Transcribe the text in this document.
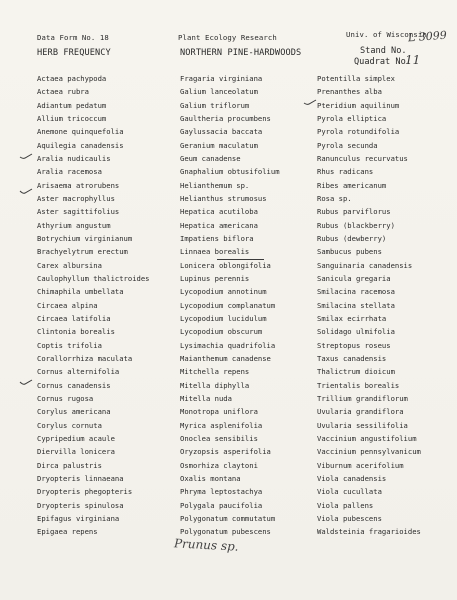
Data Form No. 18	Plant Ecology Research	Univ. of Wisconsin
HERB FREQUENCY	NORTHERN PINE-HARDWOODS	Stand No.
L 3099
Quadrat No.
11
Actaea pachypoda
Actaea rubra
Adiantum pedatum
Allium tricoccum
Anemone quinquefolia
Aquilegia canadensis
Aralia nudicaulis
Aralia racemosa
Arisaema atrorubens
Aster macrophyllus
Aster sagittifolius
Athyrium angustum
Botrychium virginianum
Brachyelytrum erectum
Carex albursina
Caulophyllum thalictroides
Chimaphila umbellata
Circaea alpina
Circaea latifolia
Clintonia borealis
Coptis trifolia
Corallorrhiza maculata
Cornus alternifolia
Cornus canadensis
Cornus rugosa
Corylus americana
Corylus cornuta
Cypripedium acaule
Diervilla lonicera
Dirca palustris
Dryopteris linnaeana
Dryopteris phegopteris
Dryopteris spinulosa
Epifagus virginiana
Epigaea repens
Fragaria virginiana
Galium lanceolatum
Galium triflorum
Gaultheria procumbens
Gaylussacia baccata
Geranium maculatum
Geum canadense
Gnaphalium obtusifolium
Helianthemum sp.
Helianthus strumosus
Hepatica acutiloba
Hepatica americana
Impatiens biflora
Linnaea borealis
Lonicera oblongifolia
Lupinus perennis
Lycopodium annotinum
Lycopodium complanatum
Lycopodium lucidulum
Lycopodium obscurum
Lysimachia quadrifolia
Maianthemum canadense
Mitchella repens
Mitella diphylla
Mitella nuda
Monotropa uniflora
Myrica asplenifolia
Onoclea sensibilis
Oryzopsis asperifolia
Osmorhiza claytoni
Oxalis montana
Phryma leptostachya
Polygala paucifolia
Polygonatum commutatum
Polygonatum pubescens
Potentilla simplex
Prenanthes alba
Pteridium aquilinum
Pyrola elliptica
Pyrola rotundifolia
Pyrola secunda
Ranunculus recurvatus
Rhus radicans
Ribes americanum
Rosa sp.
Rubus parviflorus
Rubus (blackberry)
Rubus (dewberry)
Sambucus pubens
Sanguinaria canadensis
Sanicula gregaria
Smilacina racemosa
Smilacina stellata
Smilax ecirrhata
Solidago ulmifolia
Streptopus roseus
Taxus canadensis
Thalictrum dioicum
Trientalis borealis
Trillium grandiflorum
Uvularia grandiflora
Uvularia sessilifolia
Vaccinium angustifolium
Vaccinium pennsylvanicum
Viburnum acerifolium
Viola canadensis
Viola cucullata
Viola pallens
Viola pubescens
Waldsteinia fragarioides
Prunus sp.
